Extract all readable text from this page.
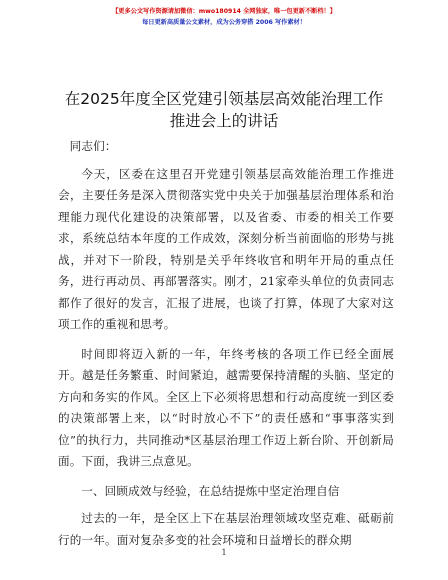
【更多公文写作资源请加微信：mwo180914 全网独家，唯一包更新不断档！】
每日更新高质量公文素材，成为公务穿搭 2006 写作素材！
在2025年度全区党建引领基层高效能治理工作
推进会上的讲话

同志们：

今天，区委在这里召开党建引领基层高效能治理工作推进会，主要任务是深入贯彻落实党中央关于加强基层治理体系和治理能力现代化建设的决策部署，以及省委、市委的相关工作要求，系统总结本年度的工作成效，深刻分析当前面临的形势与挑战，并对下一阶段，特别是关乎年终收官和明年开局的重点任务，进行再动员、再部署落实。刚才，21家牵头单位的负责同志都作了很好的发言，汇报了进展，也谈了打算，体现了大家对这项工作的重视和思考。

时间即将迈入新的一年，年终考核的各项工作已经全面展开。越是任务繁重、时间紧迫，越需要保持清醒的头脑、坚定的方向和务实的作风。全区上下必须将思想和行动高度统一到区委的决策部署上来，以“时时放心不下”的责任感和“事事落实到位”的执行力，共同推动*区基层治理工作迈上新台阶、开创新局面。下面，我讲三点意见。

一、回顾成效与经验，在总结提炼中坚定治理自信

过去的一年，是全区上下在基层治理领域攻坚克难、砥砺前行的一年。面对复杂多变的社会环境和日益增长的群众期

1
